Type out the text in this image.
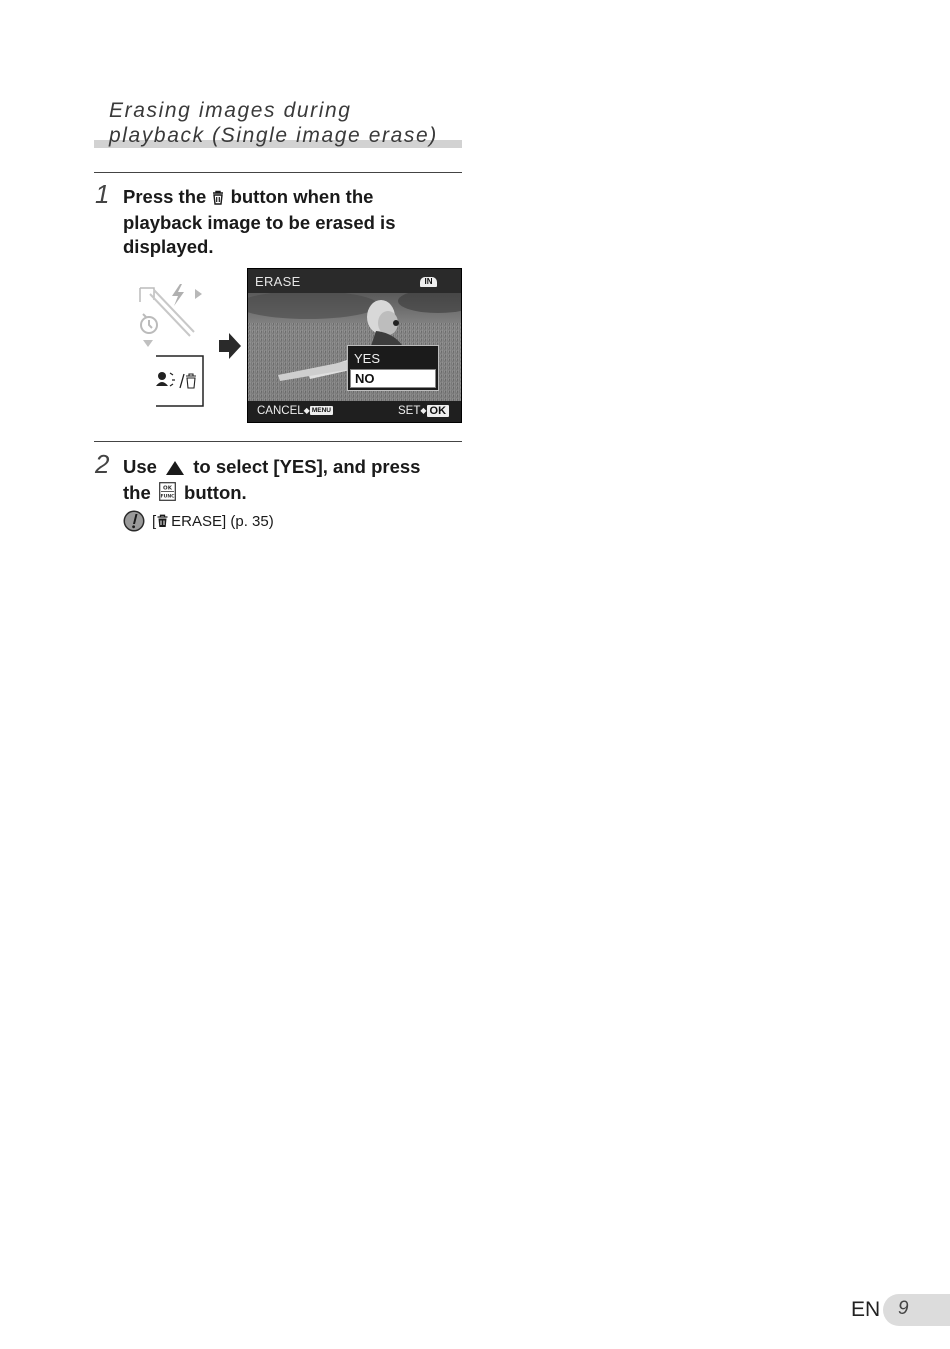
Erasing images during
playback (Single image erase)
1 Press the button when the
playback image to be erased is
displayed.
ERASE	IN
YES
NO
CANCEL◆ MENU	SET◆ OK
2 Use to select [YES], and press
the OK
FUNC button.
[ ERASE] (p. 35)
EN 9
